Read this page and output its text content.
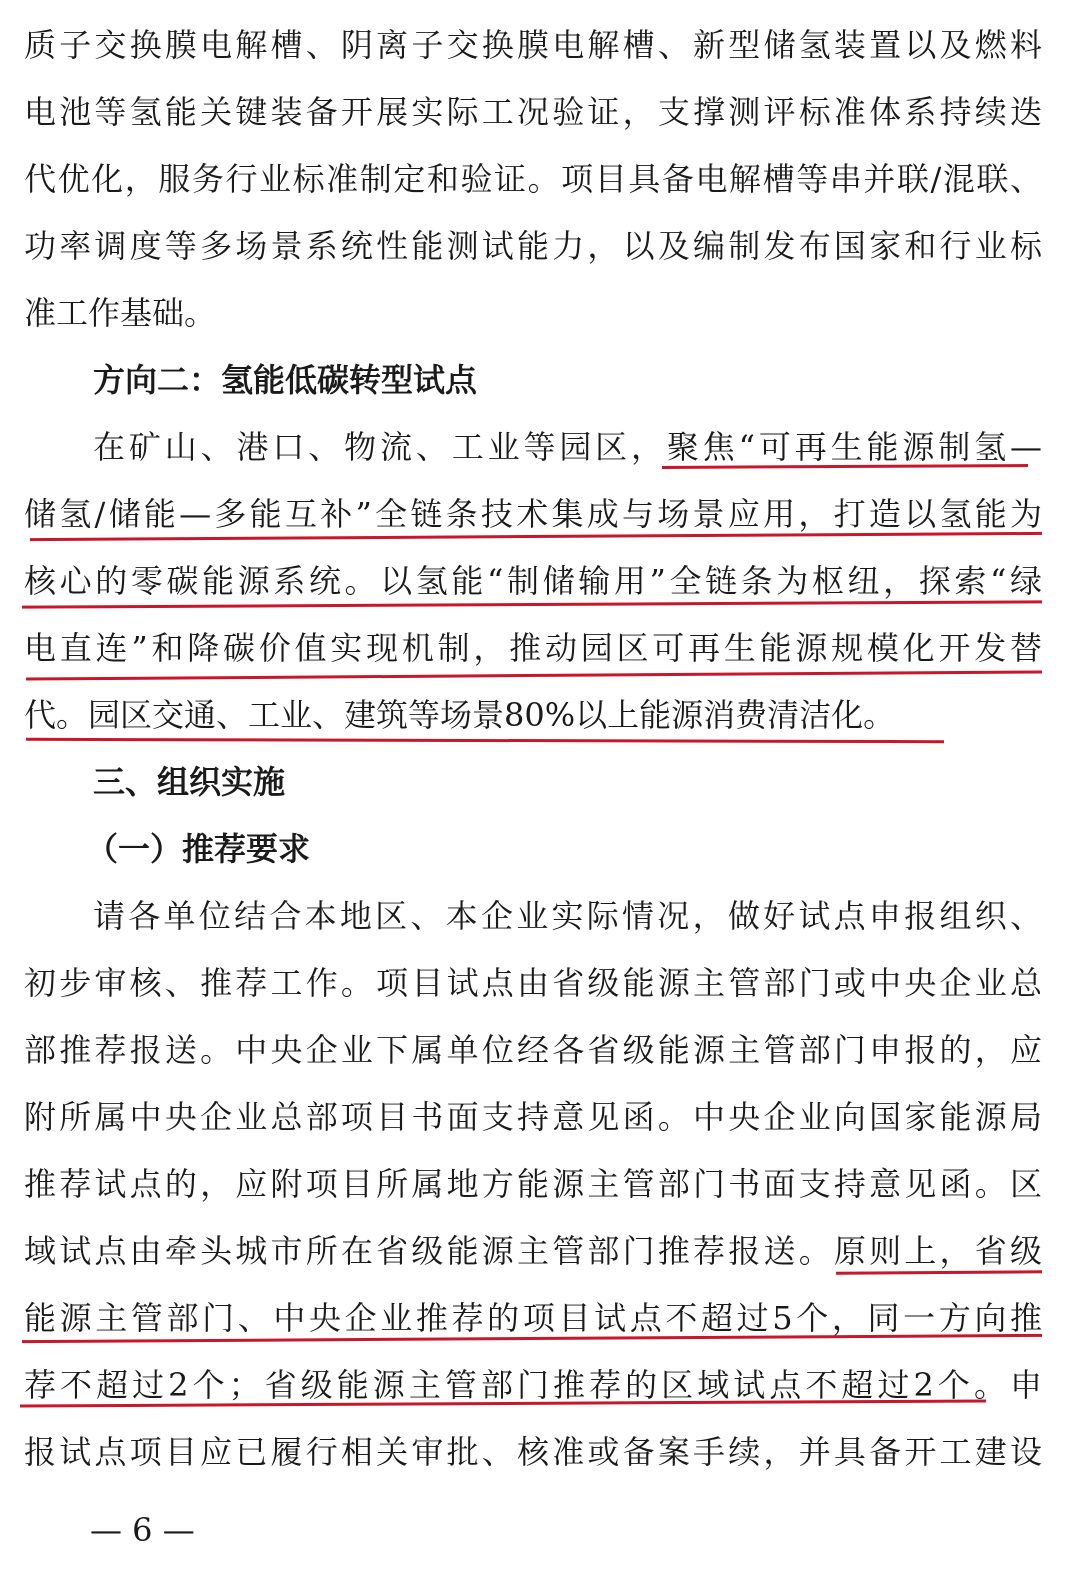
质子交换膜电解槽、阴离子交换膜电解槽、新型储氢装置以及燃料
电池等氢能关键装备开展实际工况验证，支撑测评标准体系持续迭
代优化，服务行业标准制定和验证。项目具备电解槽等串并联/混联、
功率调度等多场景系统性能测试能力，以及编制发布国家和行业标
准工作基础。
方向二：氢能低碳转型试点
在矿山、港口、物流、工业等园区，聚焦“可再生能源制氢—
储氢/储能—多能互补”全链条技术集成与场景应用，打造以氢能为
核心的零碳能源系统。以氢能“制储输用”全链条为枢纽，探索“绿
电直连”和降碳价值实现机制，推动园区可再生能源规模化开发替
代。园区交通、工业、建筑等场景80%以上能源消费清洁化。
三、组织实施
（一）推荐要求
请各单位结合本地区、本企业实际情况，做好试点申报组织、
初步审核、推荐工作。项目试点由省级能源主管部门或中央企业总
部推荐报送。中央企业下属单位经各省级能源主管部门申报的，应
附所属中央企业总部项目书面支持意见函。中央企业向国家能源局
推荐试点的，应附项目所属地方能源主管部门书面支持意见函。区
域试点由牵头城市所在省级能源主管部门推荐报送。原则上，省级
能源主管部门、中央企业推荐的项目试点不超过5个，同一方向推
荐不超过2个；省级能源主管部门推荐的区域试点不超过2个。申
报试点项目应已履行相关审批、核准或备案手续，并具备开工建设
— 6 —
